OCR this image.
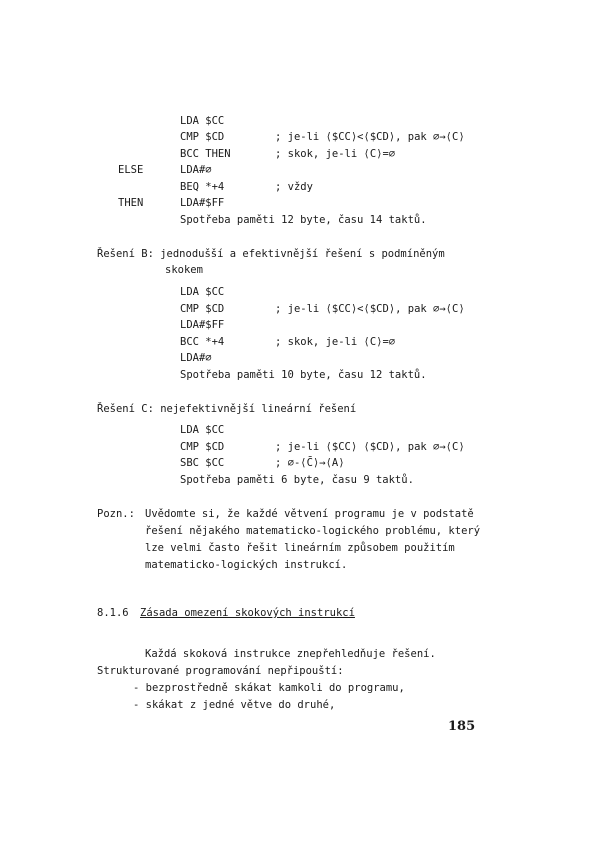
LDA $CC
CMP $CD	; je-li ⟨$CC⟩<⟨$CD⟩, pak ∅→⟨C⟩
BCC THEN	; skok, je-li ⟨C⟩=∅
ELSE	LDA#∅
BEQ *+4	; vždy
THEN	LDA#$FF
Spotřeba paměti 12 byte, času 14 taktů.
Řešení B: jednodušší a efektivnější řešení s podmíněným
skokem
LDA $CC
CMP $CD	; je-li ⟨$CC⟩<⟨$CD⟩, pak ∅→⟨C⟩
LDA#$FF
BCC *+4	; skok, je-li ⟨C⟩=∅
LDA#∅
Spotřeba paměti 10 byte, času 12 taktů.
Řešení C: nejefektivnější lineární řešení
LDA $CC
CMP $CD	; je-li ⟨$CC⟩ ⟨$CD⟩, pak ∅→⟨C⟩
SBC $CC	; ∅-⟨C̄⟩→⟨A⟩
Spotřeba paměti 6 byte, času 9 taktů.
Pozn.: Uvědomte si, že každé větvení programu je v podstatě
řešení nějakého matematicko-logického problému, který
lze velmi často řešit lineárním způsobem použitím
matematicko-logických instrukcí.
8.1.6 Zásada omezení skokových instrukcí
Každá skoková instrukce znepřehledňuje řešení.
Strukturované programování nepřipouští:
- bezprostředně skákat kamkoli do programu,
- skákat z jedné větve do druhé,
185
